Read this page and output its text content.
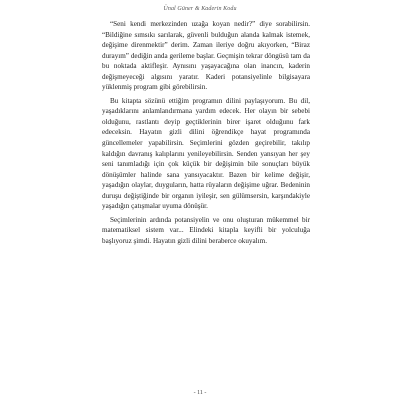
Ünal Güner & Kaderin Kodu

“Seni kendi merkezinden uzağa koyan nedir?” diye sorabilirsin. “Bildiğine sımsıkı sarılarak, güvenli bulduğun alanda kalmak istemek, değişime direnmektir” derim. Zaman ileriye doğru akıyorken, “Biraz durayım” dediğin anda gerileme başlar. Geçmişin tekrar döngüsü tam da bu noktada aktifleşir. Aynısını yaşayacağına olan inancın, kaderin değişmeyeceği algısını yaratır. Kaderi potansiyelinle bilgisayara yüklenmiş program gibi görebilirsin.

Bu kitapta sözünü ettiğim programın dilini paylaşıyorum. Bu dil, yaşadıklarını anlamlandırmana yardım edecek. Her olayın bir sebebi olduğunu, rastlantı deyip geçtiklerinin birer işaret olduğunu fark edeceksin. Hayatın gizli dilini öğrendikçe hayat programında güncellemeler yapabilirsin. Seçimlerini gözden geçirebilir, takılıp kaldığın davranış kalıplarını yenileyebilirsin. Senden yansıyan her şey seni tanımladığı için çok küçük bir değişimin bile sonuçları büyük dönüşümler halinde sana yansıyacaktır. Bazen bir kelime değişir, yaşadığın olaylar, duyguların, hatta rüyaların değişime uğrar. Bedeninin duruşu değiştiğinde bir organın iyileşir, sen gülümsersin, karşındakiyle yaşadığın çatışmalar uyuma dönüşür.

Seçimlerinin ardında potansiyelin ve onu oluşturan mükemmel bir matematiksel sistem var... Elindeki kitapla keyifli bir yolculuğa başlıyoruz şimdi. Hayatın gizli dilini beraberce okuyalım.

- 11 -
